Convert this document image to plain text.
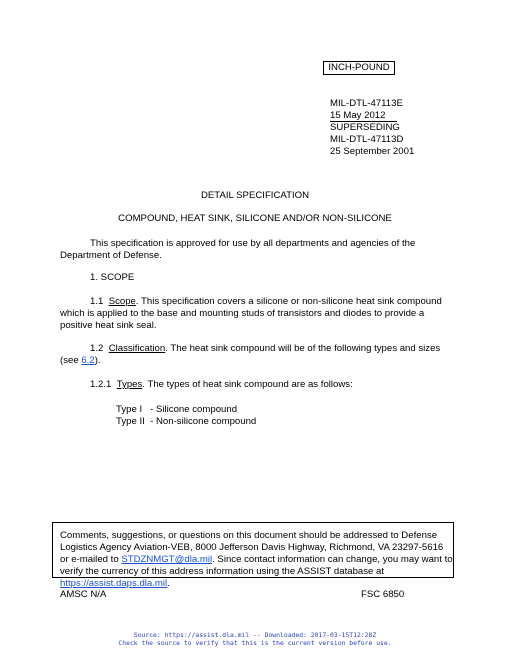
INCH-POUND
MIL-DTL-47113E
15 May 2012
SUPERSEDING
MIL-DTL-47113D
25 September 2001
DETAIL SPECIFICATION
COMPOUND, HEAT SINK, SILICONE AND/OR NON-SILICONE
This specification is approved for use by all departments and agencies of the Department of Defense.
1. SCOPE
1.1 Scope. This specification covers a silicone or non-silicone heat sink compound which is applied to the base and mounting studs of transistors and diodes to provide a positive heat sink seal.
1.2 Classification. The heat sink compound will be of the following types and sizes (see 6.2).
1.2.1 Types. The types of heat sink compound are as follows:
Type I   - Silicone compound
Type II  - Non-silicone compound
Comments, suggestions, or questions on this document should be addressed to Defense Logistics Agency Aviation-VEB, 8000 Jefferson Davis Highway, Richmond, VA 23297-5616 or e-mailed to STDZNMGT@dla.mil. Since contact information can change, you may want to verify the currency of this address information using the ASSIST database at https://assist.daps.dla.mil.
AMSC N/A	FSC 6850
Source: https://assist.dla.mil -- Downloaded: 2017-03-15T12:28Z
Check the source to verify that this is the current version before use.
